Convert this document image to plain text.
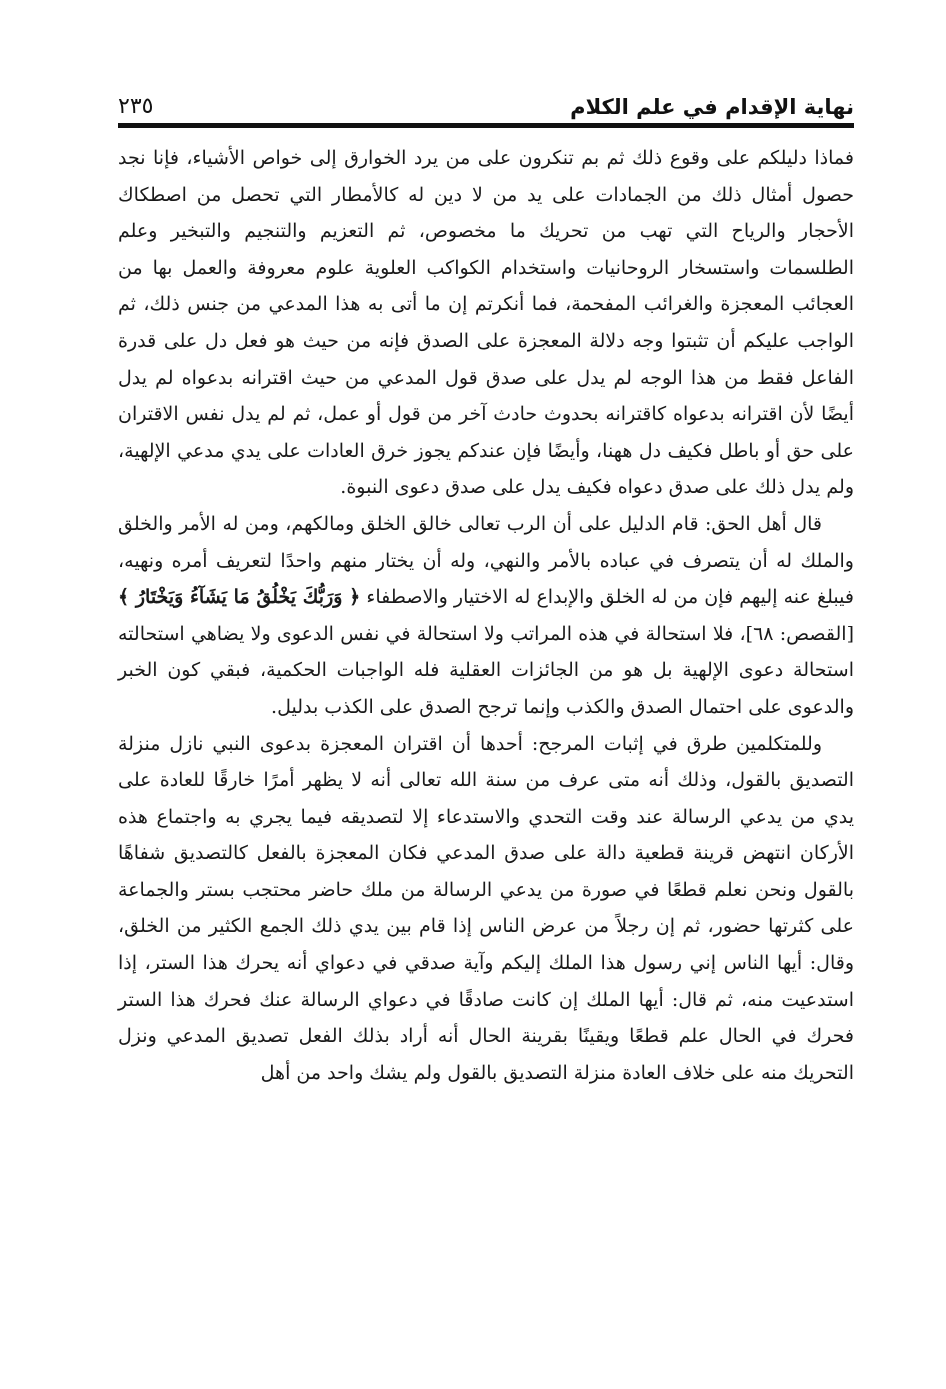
نهاية الإقدام في علم الكلام
٢٣٥

فماذا دليلكم على وقوع ذلك ثم بم تنكرون على من يرد الخوارق إلى خواص الأشياء، فإنا نجد حصول أمثال ذلك من الجمادات على يد من لا دين له كالأمطار التي تحصل من اصطكاك الأحجار والرياح التي تهب من تحريك ما مخصوص، ثم التعزيم والتنجيم والتبخير وعلم الطلسمات واستسخار الروحانيات واستخدام الكواكب العلوية علوم معروفة والعمل بها من العجائب المعجزة والغرائب المفحمة، فما أنكرتم إن ما أتى به هذا المدعي من جنس ذلك، ثم الواجب عليكم أن تثبتوا وجه دلالة المعجزة على الصدق فإنه من حيث هو فعل دل على قدرة الفاعل فقط من هذا الوجه لم يدل على صدق قول المدعي من حيث اقترانه بدعواه لم يدل أيضًا لأن اقترانه بدعواه كاقترانه بحدوث حادث آخر من قول أو عمل، ثم لم يدل نفس الاقتران على حق أو باطل فكيف دل ههنا، وأيضًا فإن عندكم يجوز خرق العادات على يدي مدعي الإلهية، ولم يدل ذلك على صدق دعواه فكيف يدل على صدق دعوى النبوة.

قال أهل الحق: قام الدليل على أن الرب تعالى خالق الخلق ومالكهم، ومن له الأمر والخلق والملك له أن يتصرف في عباده بالأمر والنهي، وله أن يختار منهم واحدًا لتعريف أمره ونهيه، فيبلغ عنه إليهم فإن من له الخلق والإبداع له الاختيار والاصطفاء ﴿ وَرَبُّكَ يَخْلُقُ مَا يَشَآءُ وَيَخْتَارُ ﴾ [القصص: ٦٨]، فلا استحالة في هذه المراتب ولا استحالة في نفس الدعوى ولا يضاهي استحالته استحالة دعوى الإلهية بل هو من الجائزات العقلية فله الواجبات الحكمية، فبقي كون الخبر والدعوى على احتمال الصدق والكذب وإنما ترجح الصدق على الكذب بدليل.

وللمتكلمين طرق في إثبات المرجح: أحدها أن اقتران المعجزة بدعوى النبي نازل منزلة التصديق بالقول، وذلك أنه متى عرف من سنة الله تعالى أنه لا يظهر أمرًا خارقًا للعادة على يدي من يدعي الرسالة عند وقت التحدي والاستدعاء إلا لتصديقه فيما يجري به واجتماع هذه الأركان انتهض قرينة قطعية دالة على صدق المدعي فكان المعجزة بالفعل كالتصديق شفاهًا بالقول ونحن نعلم قطعًا في صورة من يدعي الرسالة من ملك حاضر محتجب بستر والجماعة على كثرتها حضور، ثم إن رجلاً من عرض الناس إذا قام بين يدي ذلك الجمع الكثير من الخلق، وقال: أيها الناس إني رسول هذا الملك إليكم وآية صدقي في دعواي أنه يحرك هذا الستر، إذا استدعيت منه، ثم قال: أيها الملك إن كانت صادقًا في دعواي الرسالة عنك فحرك هذا الستر فحرك في الحال علم قطعًا ويقينًا بقرينة الحال أنه أراد بذلك الفعل تصديق المدعي ونزل التحريك منه على خلاف العادة منزلة التصديق بالقول ولم يشك واحد من أهل
